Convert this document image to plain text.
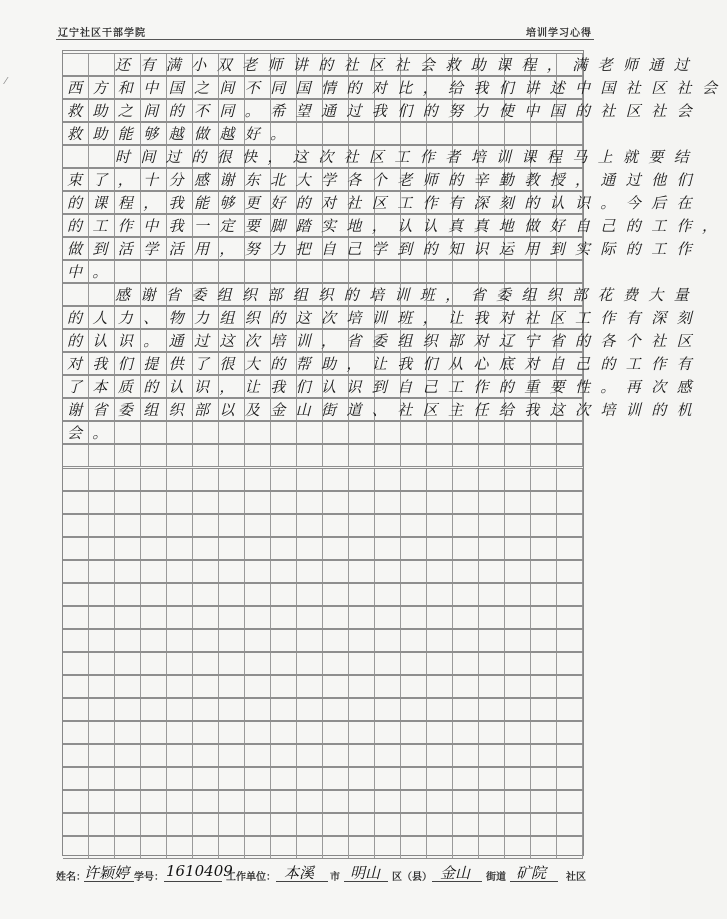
辽宁社区干部学院	培训学习心得
⁄
还有满小双老师讲的社区社会救助课程，满老师通过
西方和中国之间不同国情的对比，给我们讲述中国社区社会
救助之间的不同。希望通过我们的努力使中国的社区社会
救助能够越做越好。
时间过的很快，这次社区工作者培训课程马上就要结
束了，十分感谢东北大学各个老师的辛勤教授，通过他们
的课程，我能够更好的对社区工作有深刻的认识。今后在
的工作中我一定要脚踏实地，认认真真地做好自己的工作，
做到活学活用，努力把自己学到的知识运用到实际的工作
中。
感谢省委组织部组织的培训班，省委组织部花费大量
的人力、物力组织的这次培训班，让我对社区工作有深刻
的认识。通过这次培训，省委组织部对辽宁省的各个社区
对我们提供了很大的帮助，让我们从心底对自己的工作有
了本质的认识，让我们认识到自己工作的重要性。再次感
谢省委组织部以及金山街道、社区主任给我这次培训的机
会。
姓名：
许颖婷 学号： 1610409
工作单位： 本溪 市 明山 区（县） 金山 街道 矿院 社区
